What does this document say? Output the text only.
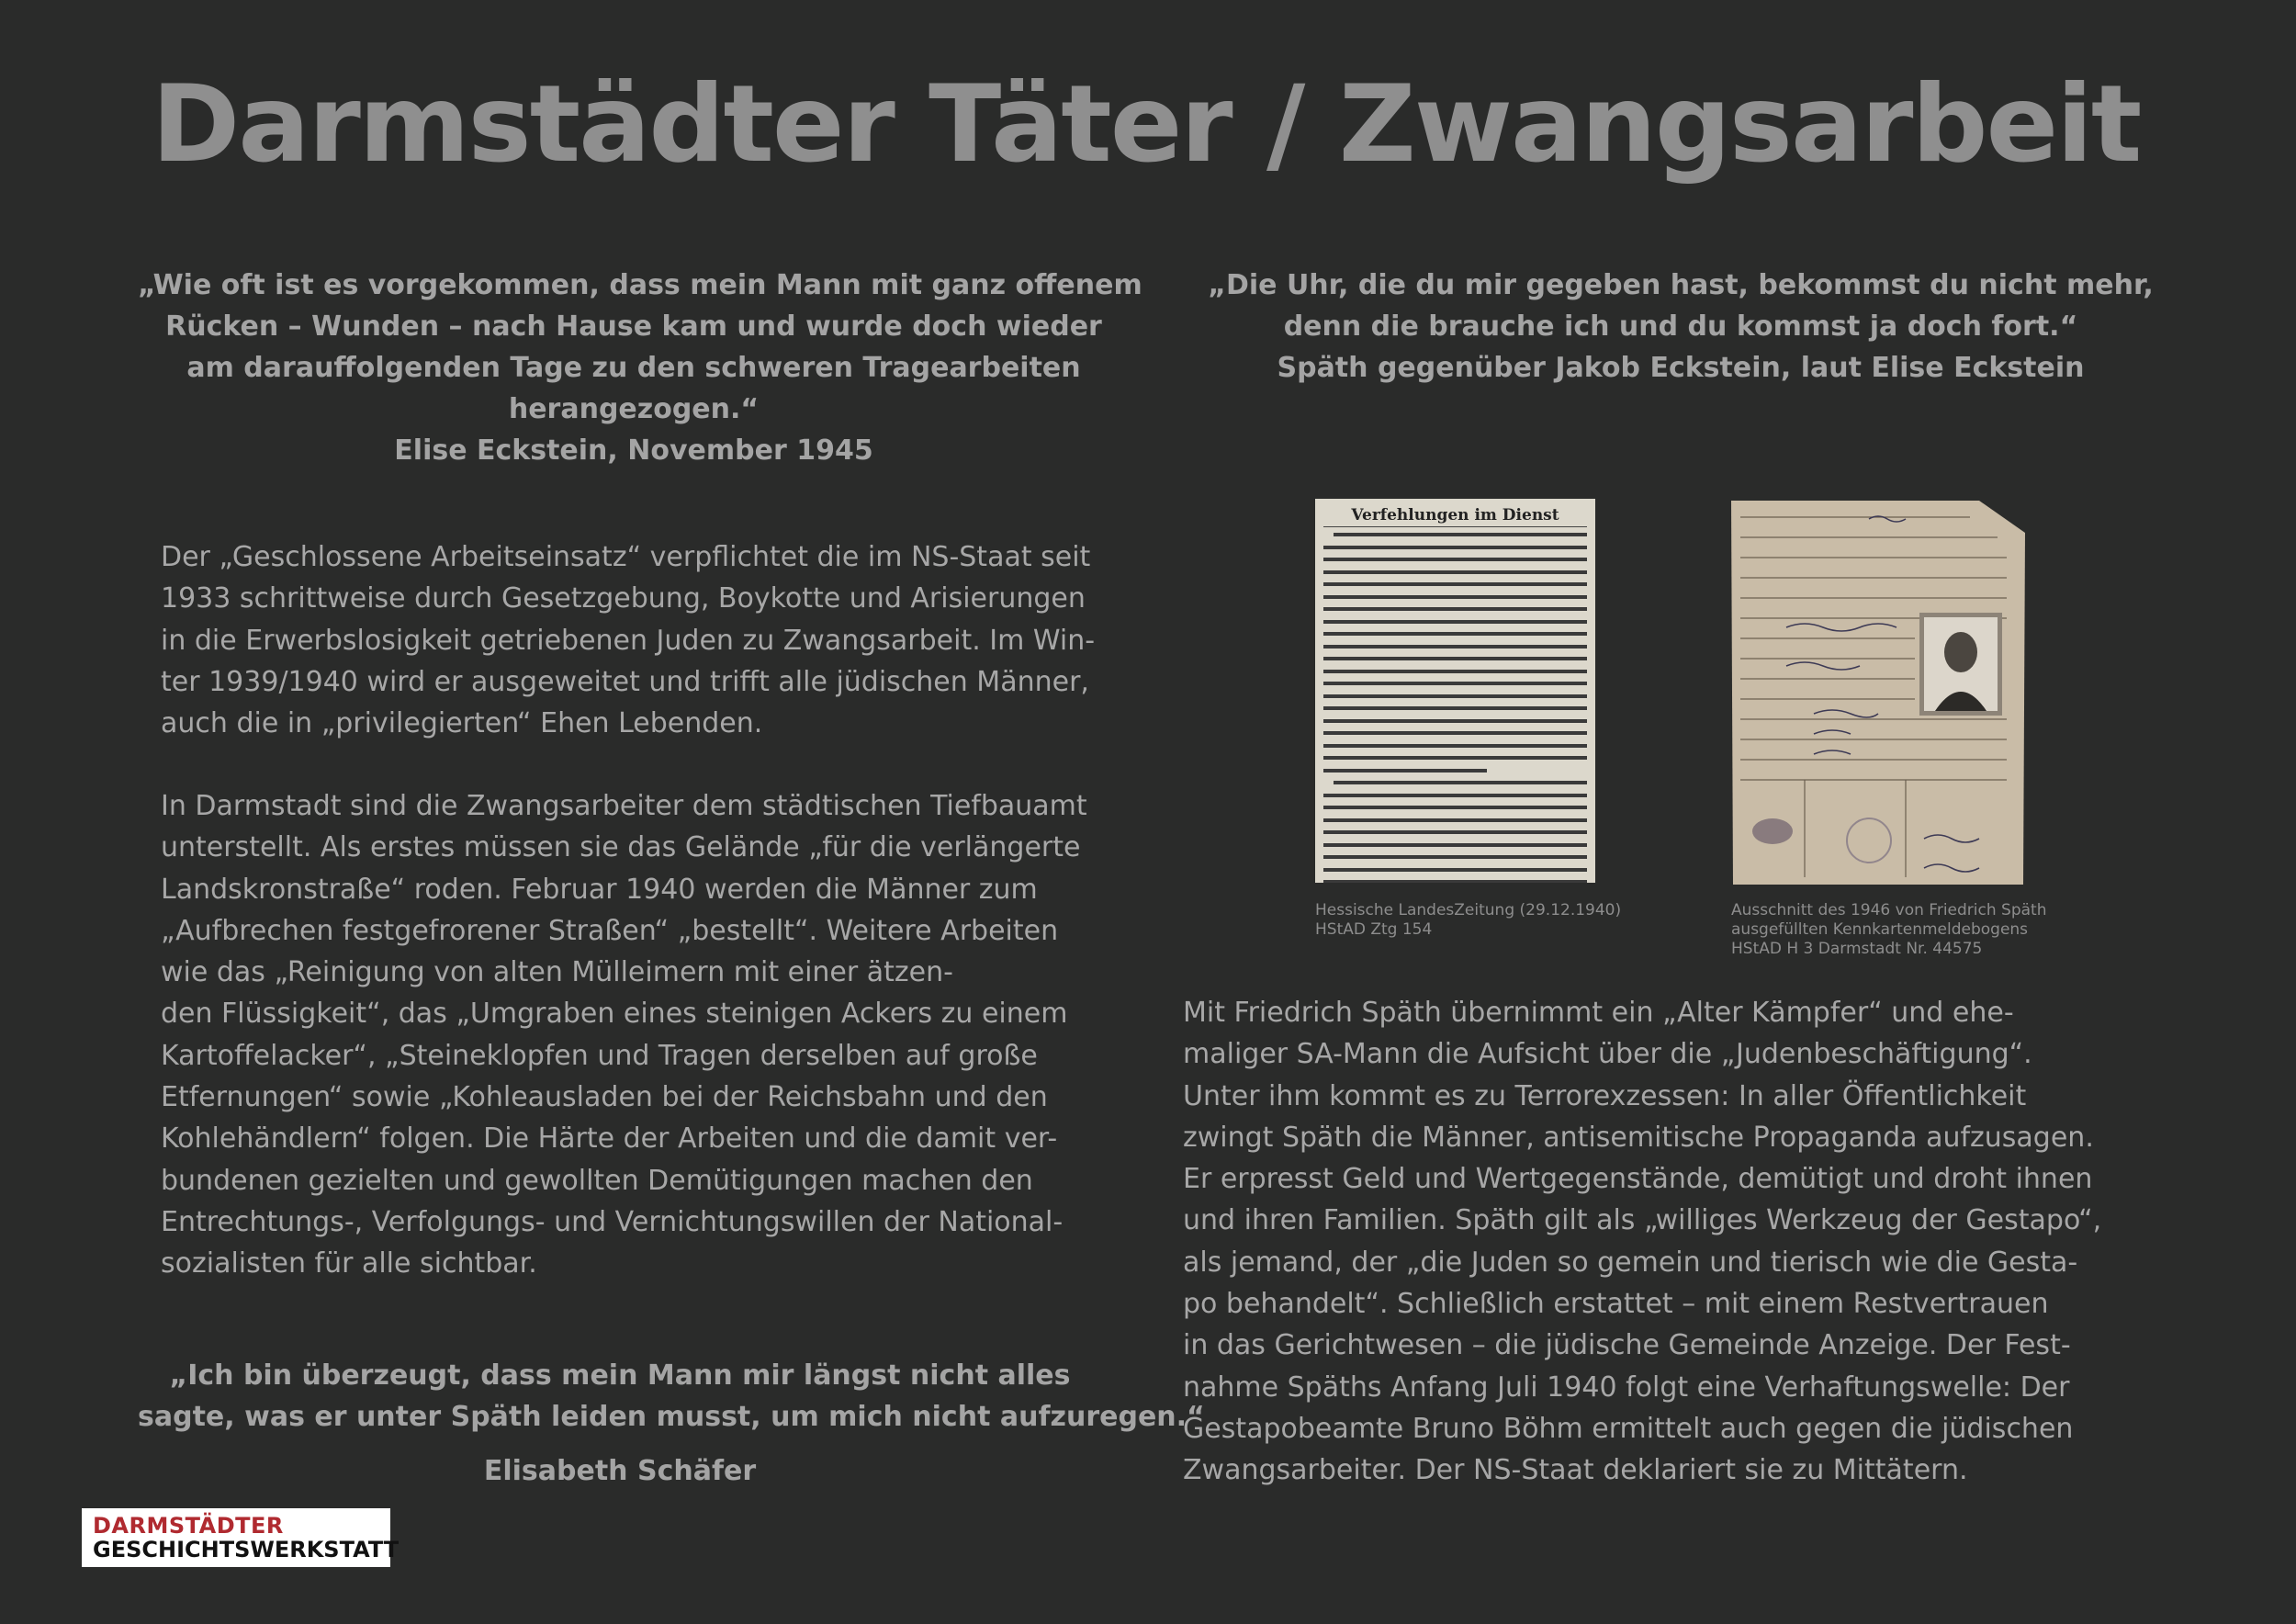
Darmstädter Täter / Zwangsarbeit
„Wie oft ist es vorgekommen, dass mein Mann mit ganz offenem
Rücken – Wunden – nach Hause kam und wurde doch wieder
am darauffolgenden Tage zu den schweren Tragearbeiten
herangezogen.“
Elise Eckstein, November 1945
„Die Uhr, die du mir gegeben hast, bekommst du nicht mehr,
denn die brauche ich und du kommst ja doch fort.“
Späth gegenüber Jakob Eckstein, laut Elise Eckstein
Der „Geschlossene Arbeitseinsatz“ verpflichtet die im NS-Staat seit
1933 schrittweise durch Gesetzgebung, Boykotte und Arisierungen
in die Erwerbslosigkeit getriebenen Juden zu Zwangsarbeit. Im Win-
ter 1939/1940 wird er ausgeweitet und trifft alle jüdischen Männer,
auch die in „privilegierten“ Ehen Lebenden.
In Darmstadt sind die Zwangsarbeiter dem städtischen Tiefbauamt
unterstellt. Als erstes müssen sie das Gelände „für die verlängerte
Landskronstraße“ roden. Februar 1940 werden die Männer zum
„Aufbrechen festgefrorener Straßen“ „bestellt“. Weitere Arbeiten
wie das „Reinigung von alten Mülleimern mit einer ätzen-
den Flüssigkeit“, das „Umgraben eines steinigen Ackers zu einem
Kartoffelacker“, „Steineklopfen und Tragen derselben auf große
Etfernungen“ sowie „Kohleausladen bei der Reichsbahn und den
Kohlehändlern“ folgen. Die Härte der Arbeiten und die damit ver-
bundenen gezielten und gewollten Demütigungen machen den
Entrechtungs-, Verfolgungs- und Vernichtungswillen der National-
sozialisten für alle sichtbar.
„Ich bin überzeugt, dass mein Mann mir längst nicht alles
sagte, was er unter Späth leiden musst, um mich nicht aufzuregen.“
Elisabeth Schäfer
Verfehlungen im Dienst
Hessische LandesZeitung (29.12.1940)
HStAD Ztg 154
Ausschnitt des 1946 von Friedrich Späth
ausgefüllten Kennkartenmeldebogens
HStAD H 3 Darmstadt Nr. 44575
Mit Friedrich Späth übernimmt ein „Alter Kämpfer“ und ehe-
maliger SA-Mann die Aufsicht über die „Judenbeschäftigung“.
Unter ihm kommt es zu Terrorexzessen: In aller Öffentlichkeit
zwingt Späth die Männer, antisemitische Propaganda aufzusagen.
Er erpresst Geld und Wertgegenstände, demütigt und droht ihnen
und ihren Familien. Späth gilt als „williges Werkzeug der Gestapo“,
als jemand, der „die Juden so gemein und tierisch wie die Gesta-
po behandelt“. Schließlich erstattet – mit einem Restvertrauen
in das Gerichtwesen – die jüdische Gemeinde Anzeige. Der Fest-
nahme Späths Anfang Juli 1940 folgt eine Verhaftungswelle: Der
Gestapobeamte Bruno Böhm ermittelt auch gegen die jüdischen
Zwangsarbeiter. Der NS-Staat deklariert sie zu Mittätern.
DARMSTÄDTER
GESCHICHTSWERKSTATT
